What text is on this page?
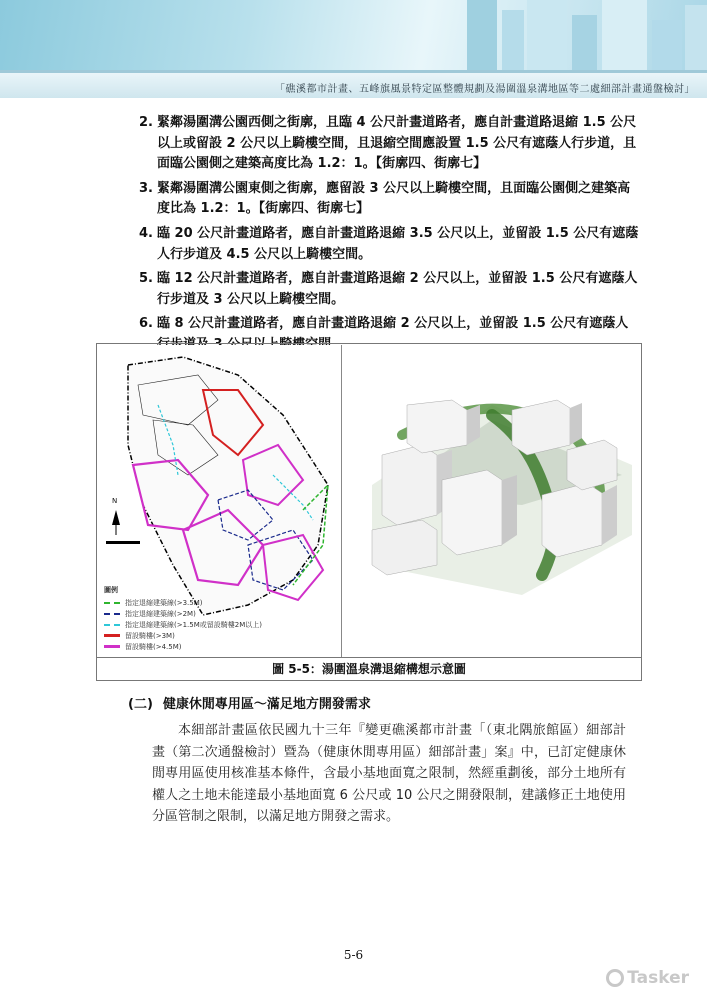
「礁溪都市計畫、五峰旗風景特定區整體規劃及湯圍溫泉溝地區等二處細部計畫通盤檢討」
2. 緊鄰湯圍溝公園西側之街廓，且臨 4 公尺計畫道路者，應自計畫道路退縮 1.5 公尺以上或留設 2 公尺以上騎樓空間，且退縮空間應設置 1.5 公尺有遮蔭人行步道，且面臨公園側之建築高度比為 1.2：1。【街廓四、街廓七】
3. 緊鄰湯圍溝公園東側之街廓，應留設 3 公尺以上騎樓空間，且面臨公園側之建築高度比為 1.2：1。【街廓四、街廓七】
4. 臨 20 公尺計畫道路者，應自計畫道路退縮 3.5 公尺以上，並留設 1.5 公尺有遮蔭人行步道及 4.5 公尺以上騎樓空間。
5. 臨 12 公尺計畫道路者，應自計畫道路退縮 2 公尺以上，並留設 1.5 公尺有遮蔭人行步道及 3 公尺以上騎樓空間。
6. 臨 8 公尺計畫道路者，應自計畫道路退縮 2 公尺以上，並留設 1.5 公尺有遮蔭人
N
圖例
指定退縮建築線(>3.5M)
指定退縮建築線(>2M)
指定退縮建築線(>1.5M或留設騎樓2M以上)
留設騎樓(>3M)
留設騎樓(>4.5M)
圖 5-5：湯圍溫泉溝退縮構想示意圖
(二) 健康休閒專用區～滿足地方開發需求
本細部計畫區依民國九十三年『變更礁溪都市計畫「（東北隅旅館區）細部計畫（第二次通盤檢討）暨為（健康休閒專用區）細部計畫」案』中，已訂定健康休閒專用區使用核准基本條件，含最小基地面寬之限制，然經重劃後，部分土地所有權人之土地未能達最小基地面寬 6 公尺或 10 公尺之開發限制，建議修正土地使用分區管制之限制，以滿足地方開發之需求。
5-6
Tasker
